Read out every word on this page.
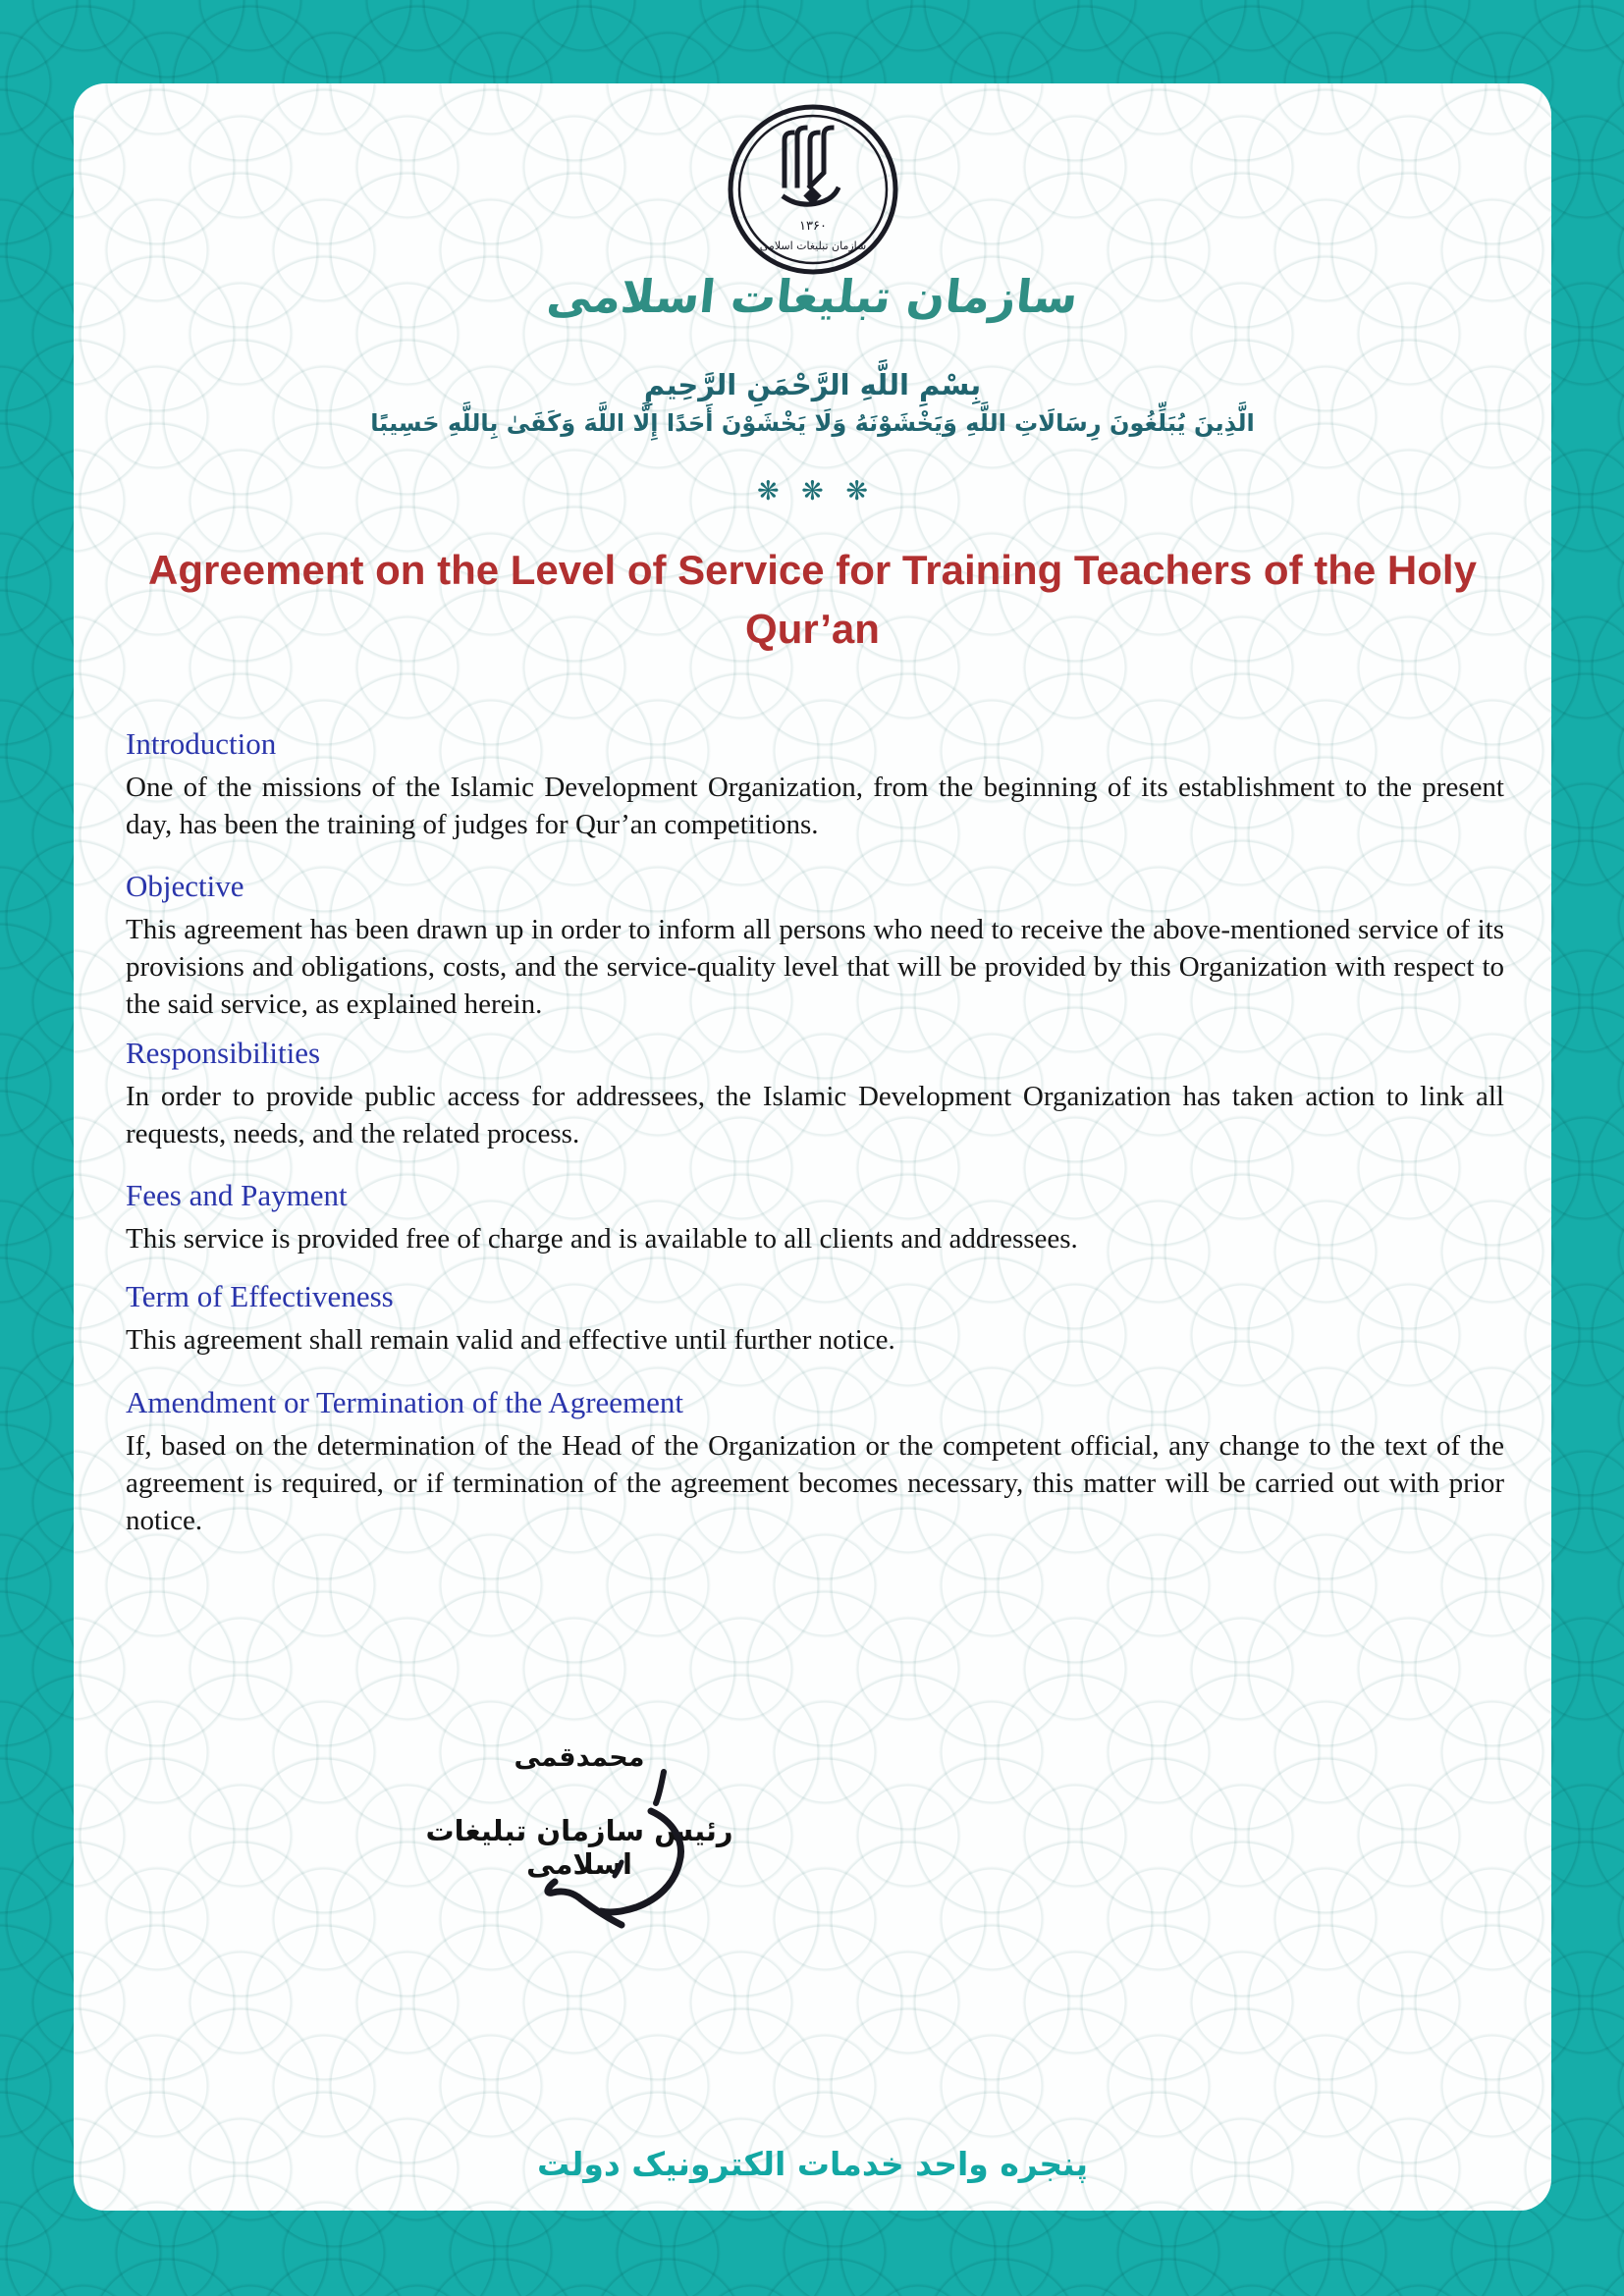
۱۳۶۰
سازمان تبلیغات اسلامی
سازمان تبلیغات اسلامی
بِسْمِ اللَّهِ الرَّحْمَنِ الرَّحِيمِ
الَّذِينَ يُبَلِّغُونَ رِسَالَاتِ اللَّهِ وَيَخْشَوْنَهُ وَلَا يَخْشَوْنَ أَحَدًا إِلَّا اللَّهَ وَكَفَىٰ بِاللَّهِ حَسِيبًا
❋ ❋ ❋
Agreement on the Level of Service for Training Teachers of the Holy Qur’an
Introduction

One of the missions of the Islamic Development Organization, from the beginning of its establishment to the present day, has been the training of judges for Qur’an competitions.

Objective

This agreement has been drawn up in order to inform all persons who need to receive the above-mentioned service of its provisions and obligations, costs, and the service-quality level that will be provided by this Organization with respect to the said service, as explained herein.

Responsibilities

In order to provide public access for addressees, the Islamic Development Organization has taken action to link all requests, needs, and the related process.

Fees and Payment

This service is provided free of charge and is available to all clients and addressees.

Term of Effectiveness

This agreement shall remain valid and effective until further notice.

Amendment or Termination of the Agreement

If, based on the determination of the Head of the Organization or the competent official, any change to the text of the agreement is required, or if termination of the agreement becomes necessary, this matter will be carried out with prior notice.

محمدقمی
رئیس سازمان تبلیغات اسلامی
پنجره واحد خدمات الکترونیک دولت
